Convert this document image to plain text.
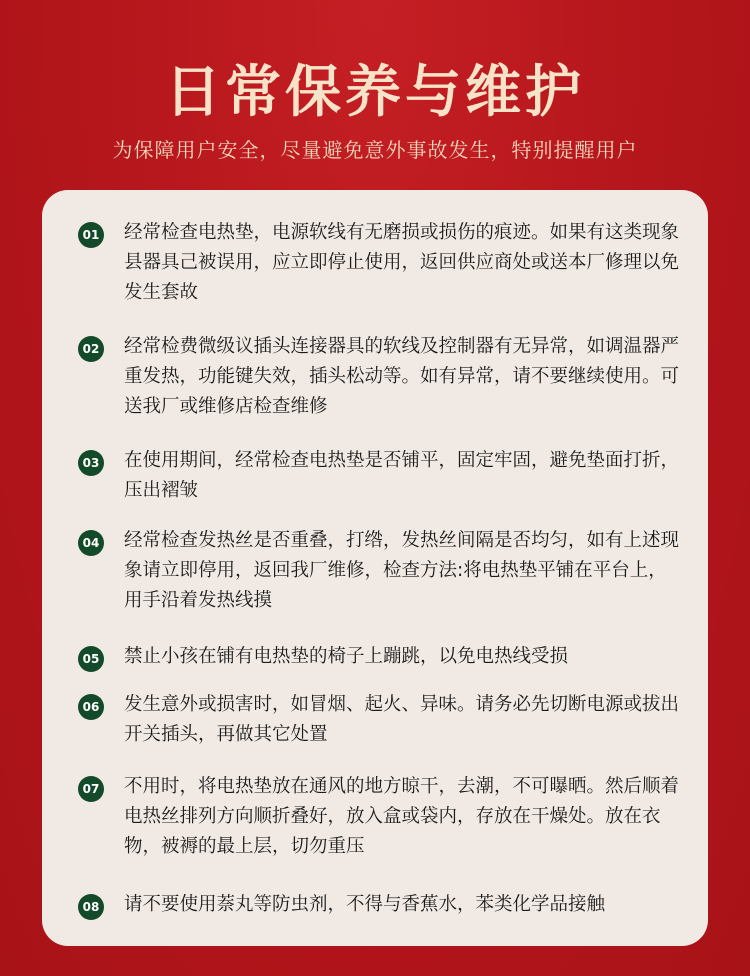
日常保养与维护
为保障用户安全，尽量避免意外事故发生，特别提醒用户
01 经常检查电热垫，电源软线有无磨损或损伤的痕迹。如果有这类现象县器具己被误用，应立即停止使用，返回供应商处或送本厂修理以免发生套故
02 经常检费微级议插头连接器具的软线及控制器有无异常，如调温器严重发热，功能键失效，插头松动等。如有异常，请不要继续使用。可送我厂或维修店检查维修
03 在使用期间，经常检查电热垫是否铺平，固定牢固，避免垫面打折，压出褶皱
04 经常检查发热丝是否重叠，打绺，发热丝间隔是否均匀，如有上述现象请立即停用，返回我厂维修，检查方法:将电热垫平铺在平台上，用手沿着发热线摸
05 禁止小孩在铺有电热垫的椅子上蹦跳，以免电热线受损
06 发生意外或损害时，如冒烟、起火、异味。请务必先切断电源或拔出开关插头，再做其它处置
07 不用时，将电热垫放在通风的地方晾干，去潮，不可曝晒。然后顺着电热丝排列方向顺折叠好，放入盒或袋内，存放在干燥处。放在衣物，被褥的最上层，切勿重压
08 请不要使用萘丸等防虫剂，不得与香蕉水，苯类化学品接触
